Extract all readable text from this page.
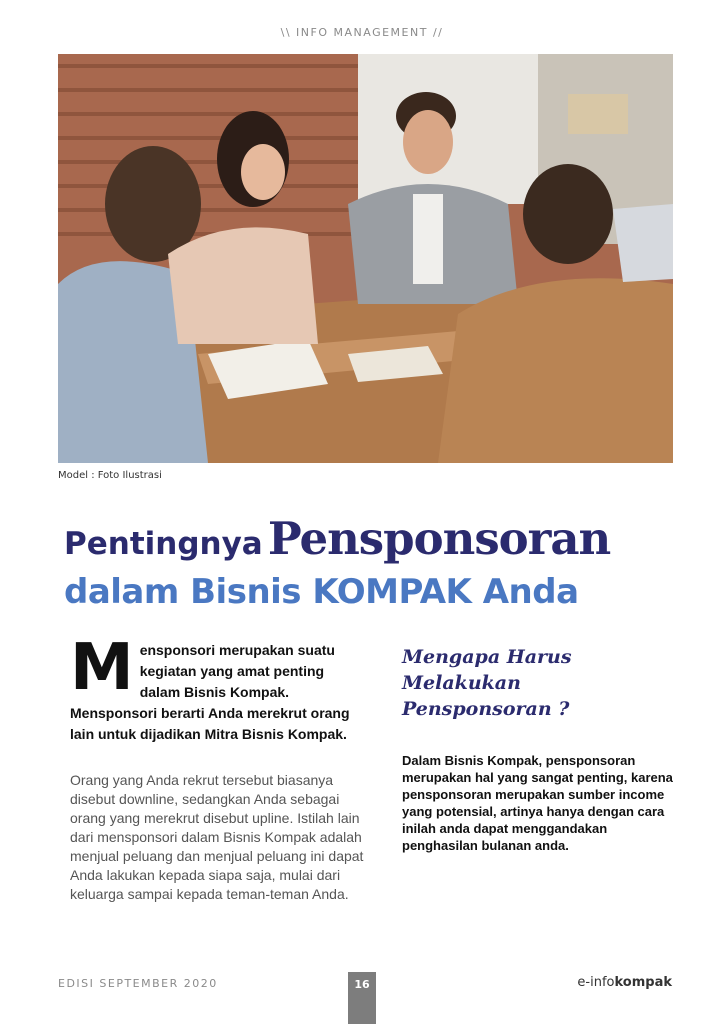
\\ INFO MANAGEMENT //
Model : Foto Ilustrasi
Pentingnya Pensponsoran
dalam Bisnis KOMPAK Anda
M ensponsori merupakan suatu kegiatan yang amat penting dalam Bisnis Kompak. Mensponsori berarti Anda merekrut orang lain untuk dijadikan Mitra Bisnis Kompak.

Orang yang Anda rekrut tersebut biasanya disebut downline, sedangkan Anda sebagai orang yang merekrut disebut upline. Istilah lain dari mensponsori dalam Bisnis Kompak adalah menjual peluang dan menjual peluang ini dapat Anda lakukan kepada siapa saja, mulai dari keluarga sampai kepada teman-teman Anda.

Mengapa Harus Melakukan Pensponsoran ?

Dalam Bisnis Kompak, pensponsoran merupakan hal yang sangat penting, karena pensponsoran merupakan sumber income yang potensial, artinya hanya dengan cara inilah anda dapat menggandakan penghasilan bulanan anda.
EDISI SEPTEMBER 2020	16	e-infokompak
